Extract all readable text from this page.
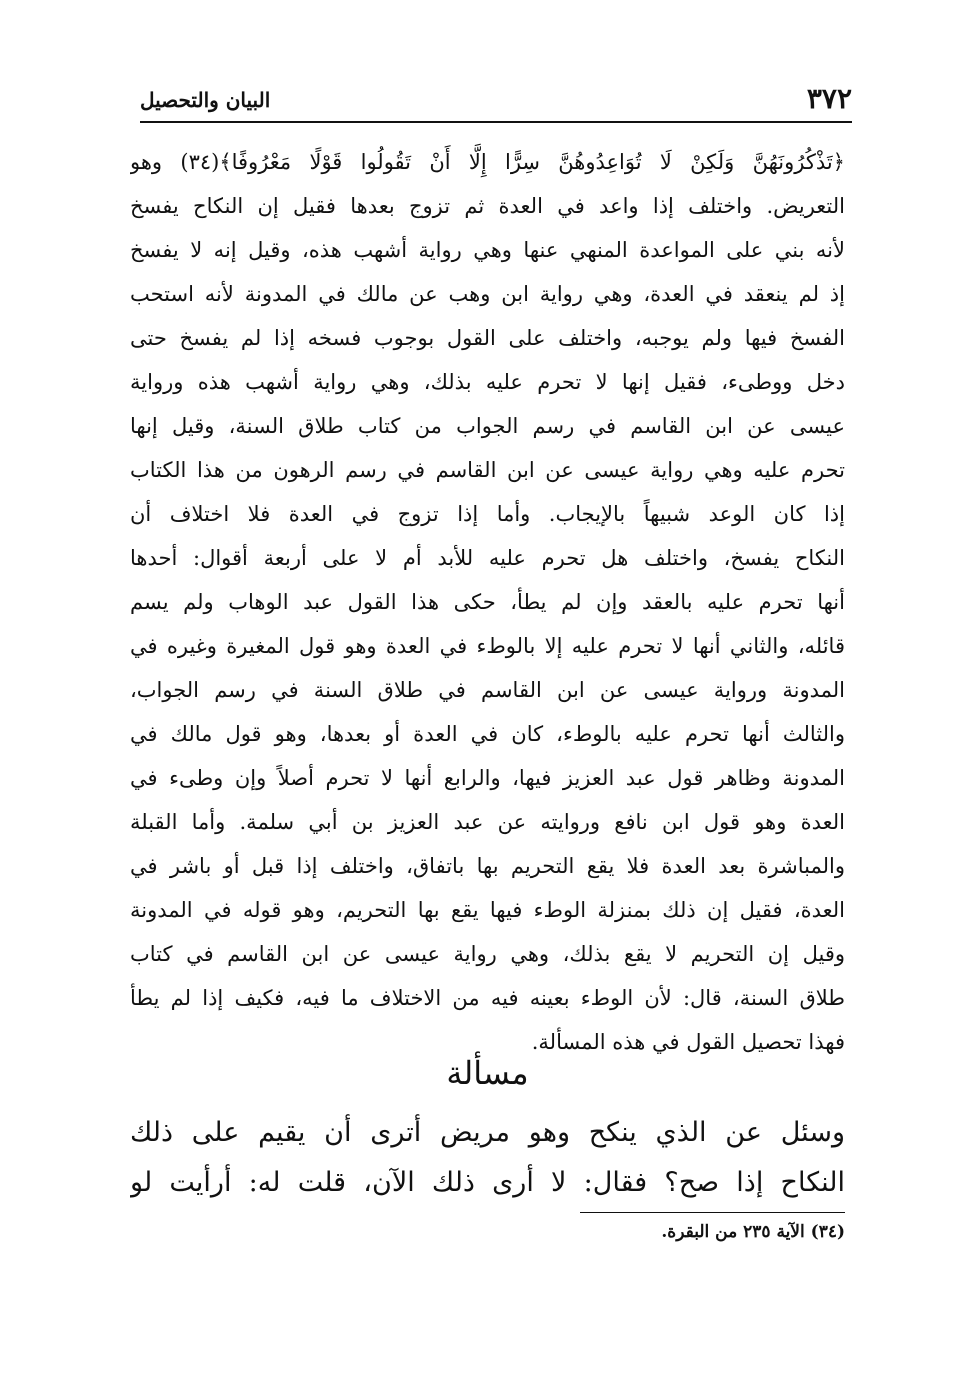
٣٧٢
البيان والتحصيل
﴿تَذْكُرُونَهُنَّ وَلَكِنْ لَا تُوَاعِدُوهُنَّ سِرًّا إِلَّا أَنْ تَقُولُوا قَوْلًا مَعْرُوفًا﴾(٣٤) وهو
التعريض. واختلف إذا واعد في العدة ثم تزوج بعدها فقيل إن النكاح يفسخ
لأنه بني على المواعدة المنهي عنها وهي رواية أشهب هذه، وقيل إنه لا يفسخ
إذ لم ينعقد في العدة، وهي رواية ابن وهب عن مالك في المدونة لأنه استحب
الفسخ فيها ولم يوجبه، واختلف على القول بوجوب فسخه إذا لم يفسخ حتى
دخل ووطىء، فقيل إنها لا تحرم عليه بذلك، وهي رواية أشهب هذه ورواية
عيسى عن ابن القاسم في رسم الجواب من كتاب طلاق السنة، وقيل إنها
تحرم عليه وهي رواية عيسى عن ابن القاسم في رسم الرهون من هذا الكتاب
إذا كان الوعد شبيهاً بالإيجاب. وأما إذا تزوج في العدة فلا اختلاف أن
النكاح يفسخ، واختلف هل تحرم عليه للأبد أم لا على أربعة أقوال: أحدها
أنها تحرم عليه بالعقد وإن لم يطأ، حكى هذا القول عبد الوهاب ولم يسم
قائله، والثاني أنها لا تحرم عليه إلا بالوطء في العدة وهو قول المغيرة وغيره في
المدونة ورواية عيسى عن ابن القاسم في طلاق السنة في رسم الجواب،
والثالث أنها تحرم عليه بالوطء، كان في العدة أو بعدها، وهو قول مالك في
المدونة وظاهر قول عبد العزيز فيها، والرابع أنها لا تحرم أصلاً وإن وطىء في
العدة وهو قول ابن نافع وروايته عن عبد العزيز بن أبي سلمة. وأما القبلة
والمباشرة بعد العدة فلا يقع التحريم بها باتفاق، واختلف إذا قبل أو باشر في
العدة، فقيل إن ذلك بمنزلة الوطء فيها يقع بها التحريم، وهو قوله في المدونة
وقيل إن التحريم لا يقع بذلك، وهي رواية عيسى عن ابن القاسم في كتاب
طلاق السنة، قال: لأن الوطء بعينه فيه من الاختلاف ما فيه، فكيف إذا لم يطأ
فهذا تحصيل القول في هذه المسألة.
مسألة
وسئل عن الذي ينكح وهو مريض أترى أن يقيم على ذلك
النكاح إذا صح؟ فقال: لا أرى ذلك الآن، قلت له: أرأيت لو
(٣٤) الآية ٢٣٥ من البقرة.
